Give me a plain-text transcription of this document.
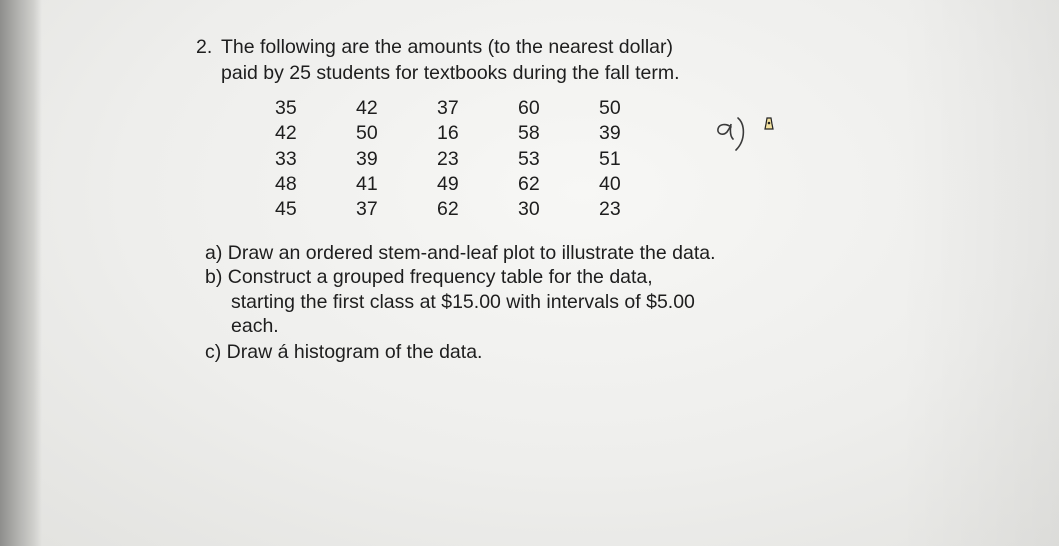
2. The following are the amounts (to the nearest dollar)
paid by 25 students for textbooks during the fall term.
35	42	37	60	50
42	50	16	58	39
33	39	23	53	51
48	41	49	62	40
45	37	62	30	23
a) Draw an ordered stem-and-leaf plot to illustrate the data.
b) Construct a grouped frequency table for the data,
starting the first class at $15.00 with intervals of $5.00
each.
c) Draw á histogram of the data.
